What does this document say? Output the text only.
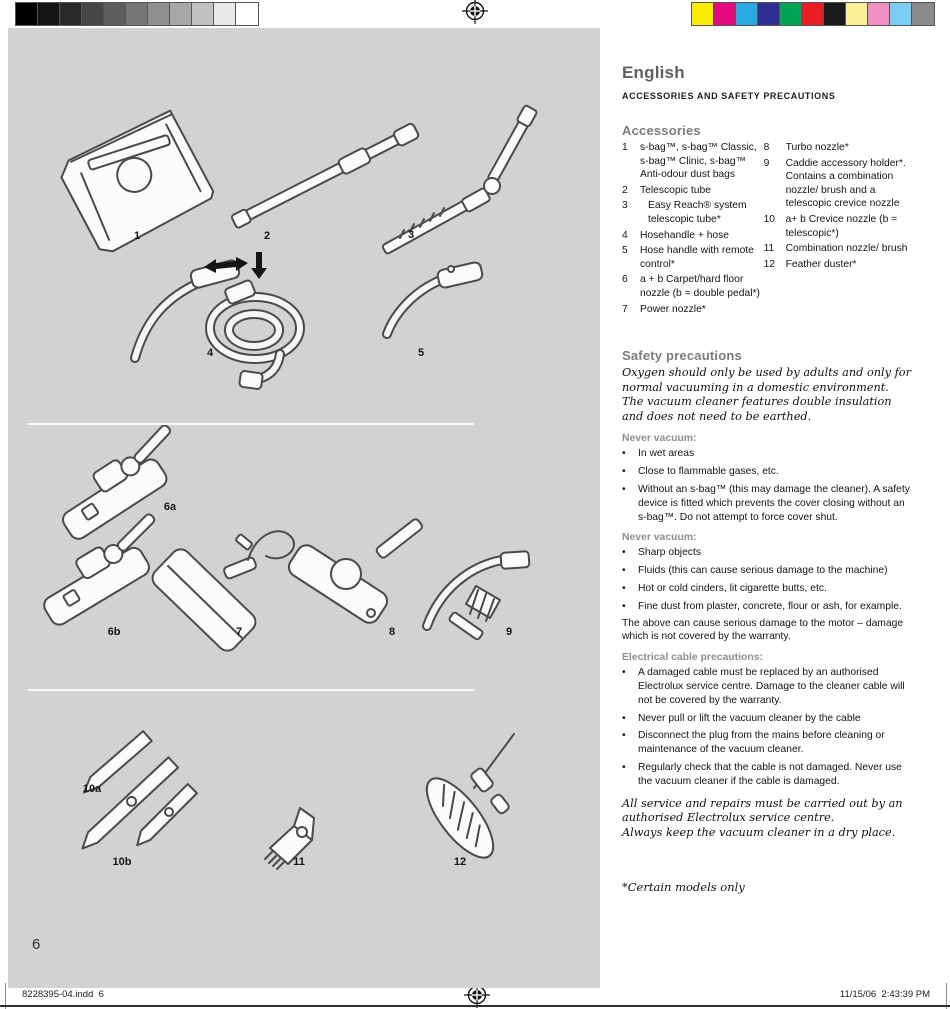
1	2	3
4	5
6a
6b	7	8	9
10a
10b	11	12
6
English
ACCESSORIES AND SAFETY PRECAUTIONS
Accessories
1	s-bag™, s-bag™ Classic, s-bag™ Clinic, s-bag™ Anti-odour dust bags
2	Telescopic tube
3	Easy Reach® system telescopic tube*
4	Hosehandle + hose
5	Hose handle with remote control*
6	a + b Carpet/hard floor nozzle (b = double pedal*)
7	Power nozzle*
8	Turbo nozzle*
9	Caddie accessory holder*. Contains a combination nozzle/ brush and a telescopic crevice nozzle
10	a+ b Crevice nozzle (b = telescopic*)
11	Combination nozzle/ brush
12	Feather duster*
Safety precautions
Oxygen should only be used by adults and only for normal vacuuming in a domestic environment. The vacuum cleaner features double insulation and does not need to be earthed.
Never vacuum:
•	In wet areas
•	Close to flammable gases, etc.
•	Without an s-bag™ (this may damage the cleaner). A safety device is fitted which prevents the cover closing without an s-bag™. Do not attempt to force cover shut.
Never vacuum:
•	Sharp objects
•	Fluids (this can cause serious damage to the machine)
•	Hot or cold cinders, lit cigarette butts, etc.
•	Fine dust from plaster, concrete, flour or ash, for example.
The above can cause serious damage to the motor – damage which is not covered by the warranty.
Electrical cable precautions:
•	A damaged cable must be replaced by an authorised Electrolux service centre. Damage to the cleaner cable will not be covered by the warranty.
•	Never pull or lift the vacuum cleaner by the cable
•	Disconnect the plug from the mains before cleaning or maintenance of the vacuum cleaner.
•	Regularly check that the cable is not damaged. Never use the vacuum cleaner if the cable is damaged.
All service and repairs must be carried out by an authorised Electrolux service centre.
Always keep the vacuum cleaner in a dry place.
*Certain models only
8228395-04.indd  6	11/15/06  2:43:39 PM
